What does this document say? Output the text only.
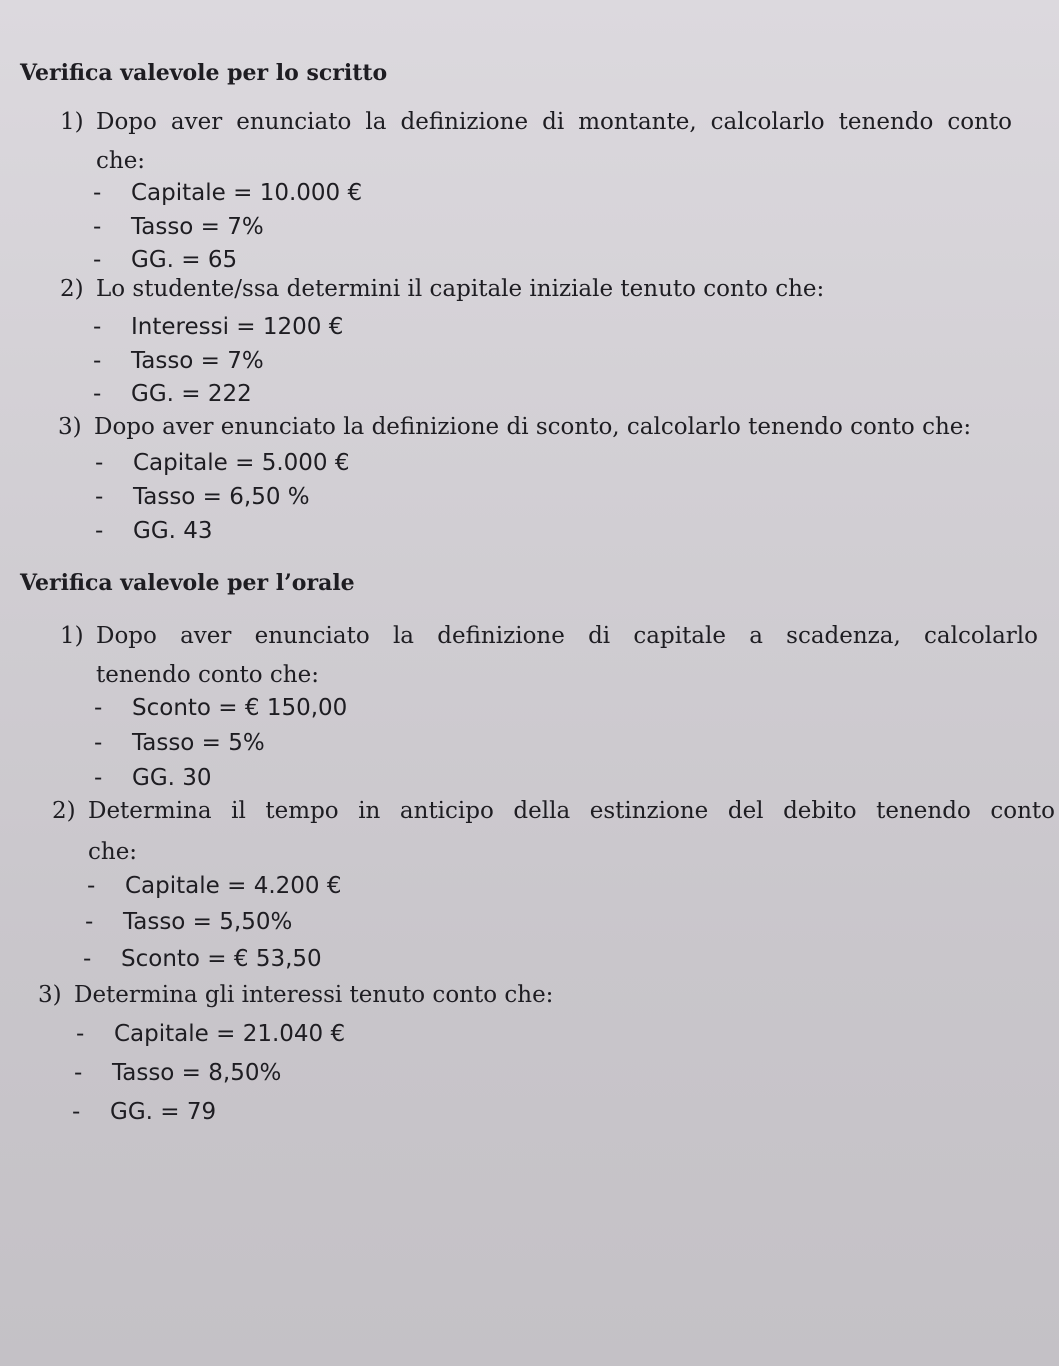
Verifica valevole per lo scritto

1) Dopo aver enunciato la definizione di montante, calcolarlo tenendo conto

che:

- Capitale = 10.000 €

- Tasso = 7%

- GG. = 65

2) Lo studente/ssa determini il capitale iniziale tenuto conto che:

- Interessi = 1200 €

- Tasso = 7%

- GG. = 222

3) Dopo aver enunciato la definizione di sconto, calcolarlo tenendo conto che:

- Capitale = 5.000 €

- Tasso = 6,50 %

- GG. 43

Verifica valevole per l’orale

1) Dopo aver enunciato la definizione di capitale a scadenza, calcolarlo

tenendo conto che:

- Sconto = € 150,00

- Tasso = 5%

- GG. 30

2) Determina il tempo in anticipo della estinzione del debito tenendo conto

che:

- Capitale = 4.200 €

- Tasso = 5,50%

- Sconto = € 53,50

3) Determina gli interessi tenuto conto che:

- Capitale = 21.040 €

- Tasso = 8,50%

- GG. = 79
